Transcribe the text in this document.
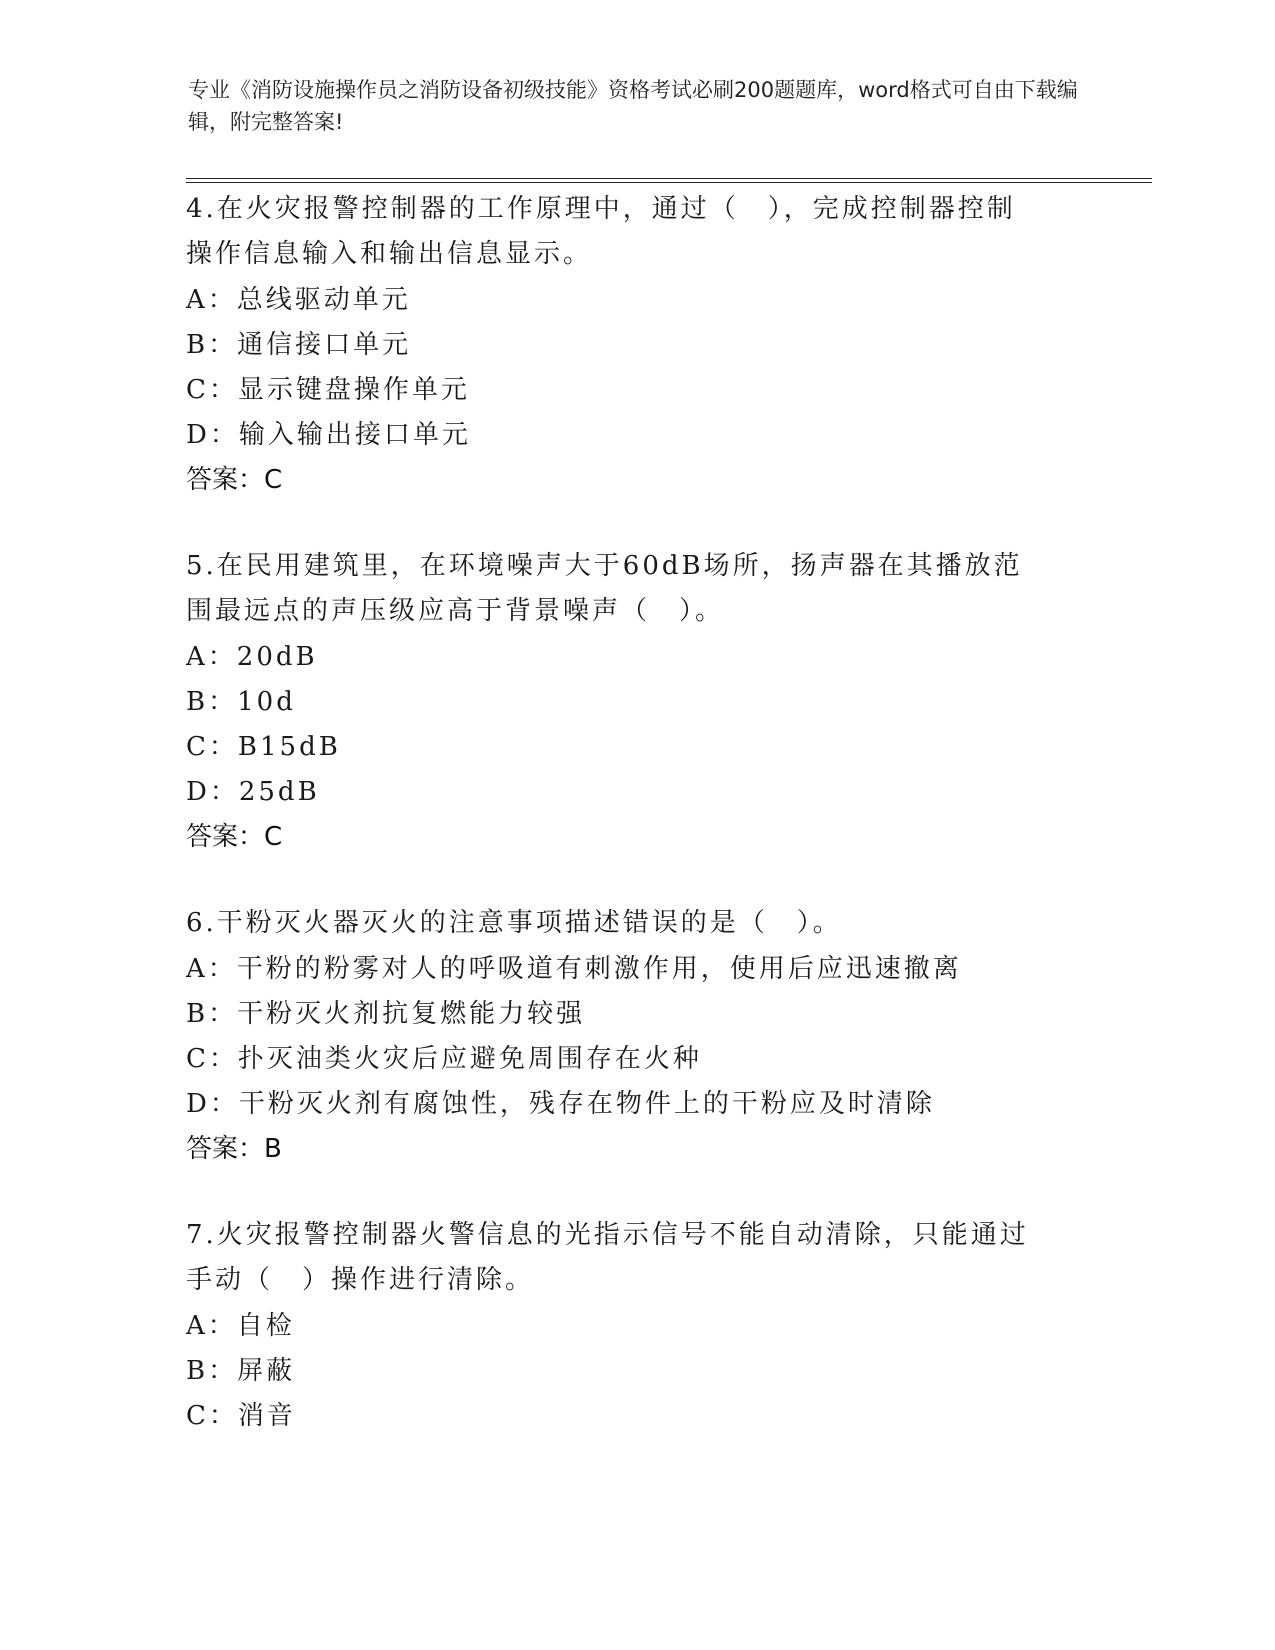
专业《消防设施操作员之消防设备初级技能》资格考试必刷200题题库，word格式可自由下载编辑，附完整答案!
4.在火灾报警控制器的工作原理中，通过（　），完成控制器控制操作信息输入和输出信息显示。
A：总线驱动单元
B：通信接口单元
C：显示键盘操作单元
D：输入输出接口单元
答案：C
5.在民用建筑里，在环境噪声大于60dB场所，扬声器在其播放范围最远点的声压级应高于背景噪声（　）。
A：20dB
B：10d
C：B15dB
D：25dB
答案：C
6.干粉灭火器灭火的注意事项描述错误的是（　）。
A：干粉的粉雾对人的呼吸道有刺激作用，使用后应迅速撤离
B：干粉灭火剂抗复燃能力较强
C：扑灭油类火灾后应避免周围存在火种
D：干粉灭火剂有腐蚀性，残存在物件上的干粉应及时清除
答案：B
7.火灾报警控制器火警信息的光指示信号不能自动清除，只能通过手动（　）操作进行清除。
A：自检
B：屏蔽
C：消音
